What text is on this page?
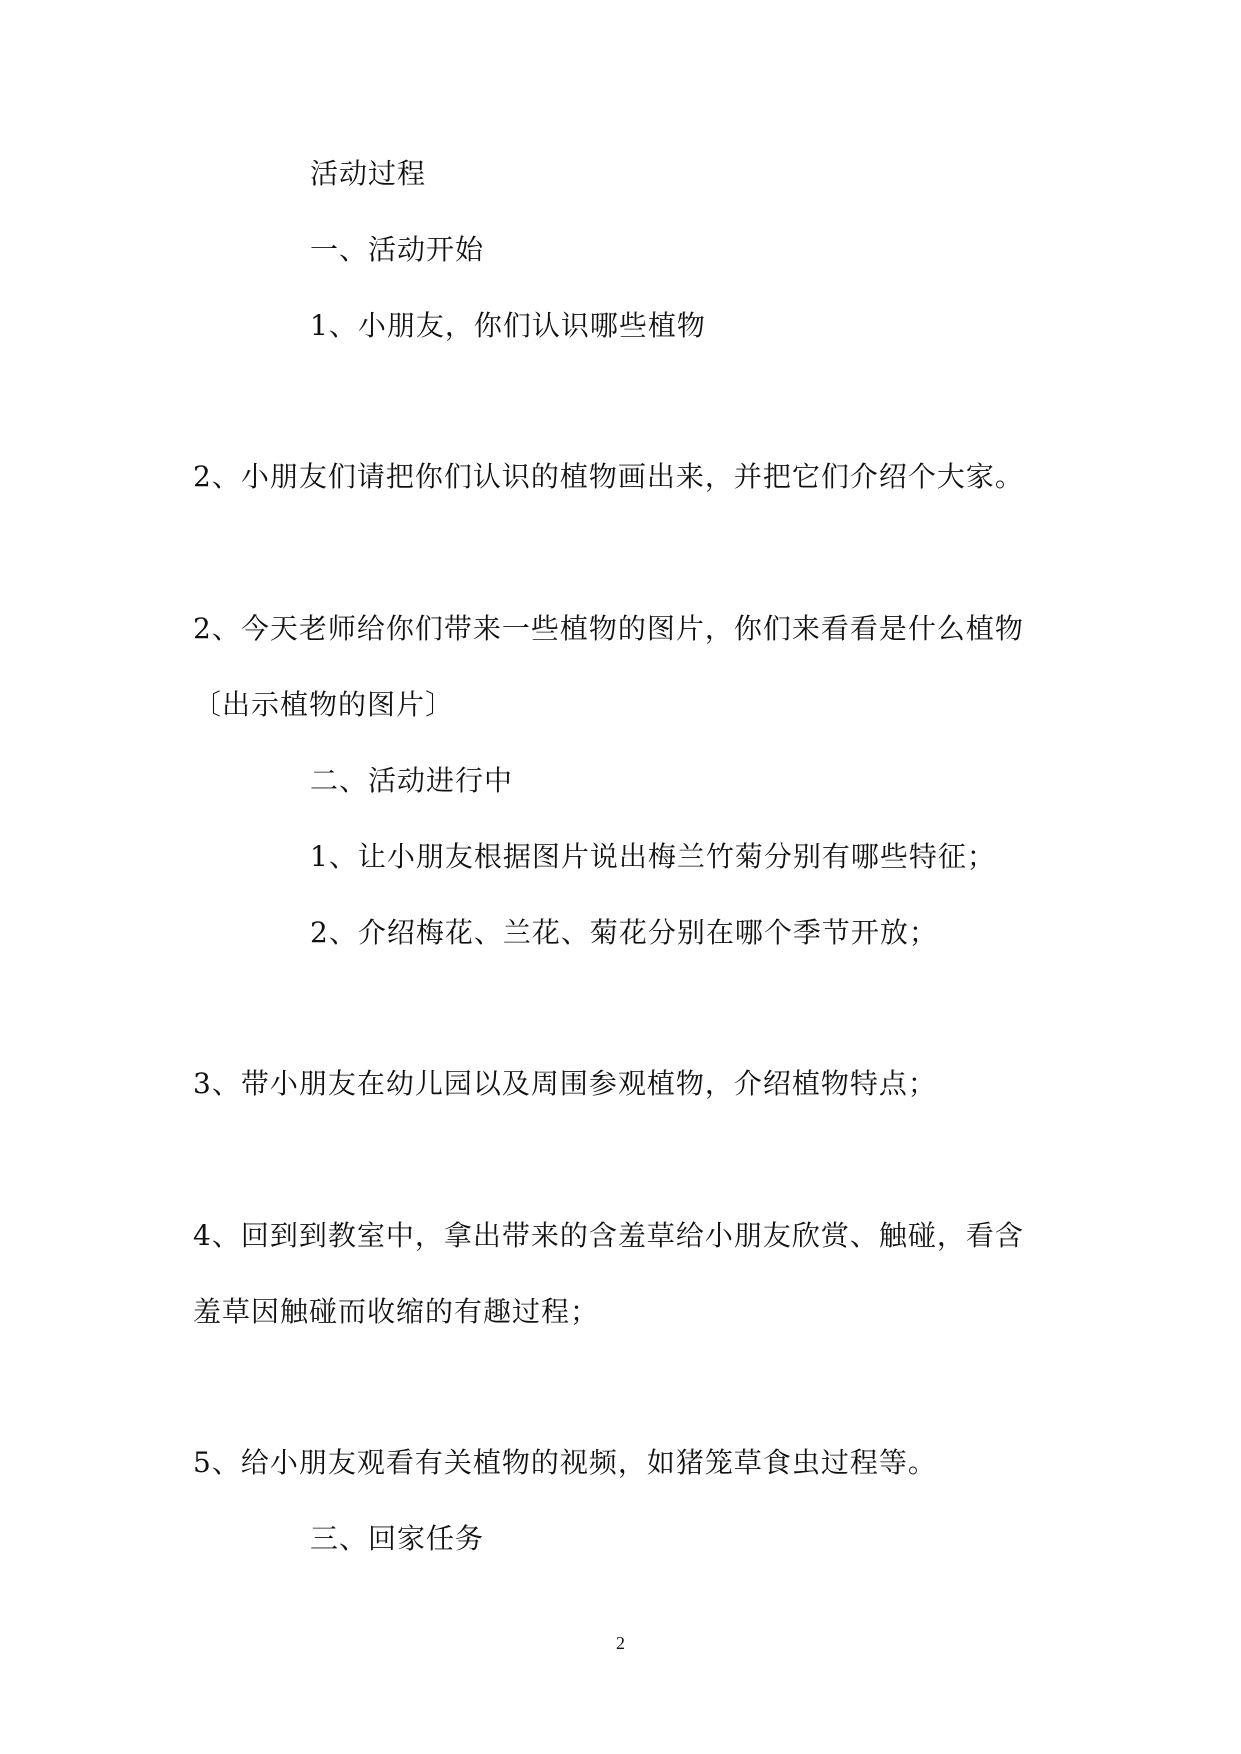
活动过程
一、活动开始
1、小朋友，你们认识哪些植物
2、小朋友们请把你们认识的植物画出来，并把它们介绍个大家。
2、今天老师给你们带来一些植物的图片，你们来看看是什么植物
〔出示植物的图片〕
二、活动进行中
1、让小朋友根据图片说出梅兰竹菊分别有哪些特征；
2、介绍梅花、兰花、菊花分别在哪个季节开放；
3、带小朋友在幼儿园以及周围参观植物，介绍植物特点；
4、回到到教室中，拿出带来的含羞草给小朋友欣赏、触碰，看含
羞草因触碰而收缩的有趣过程；
5、给小朋友观看有关植物的视频，如猪笼草食虫过程等。
三、回家任务
2
